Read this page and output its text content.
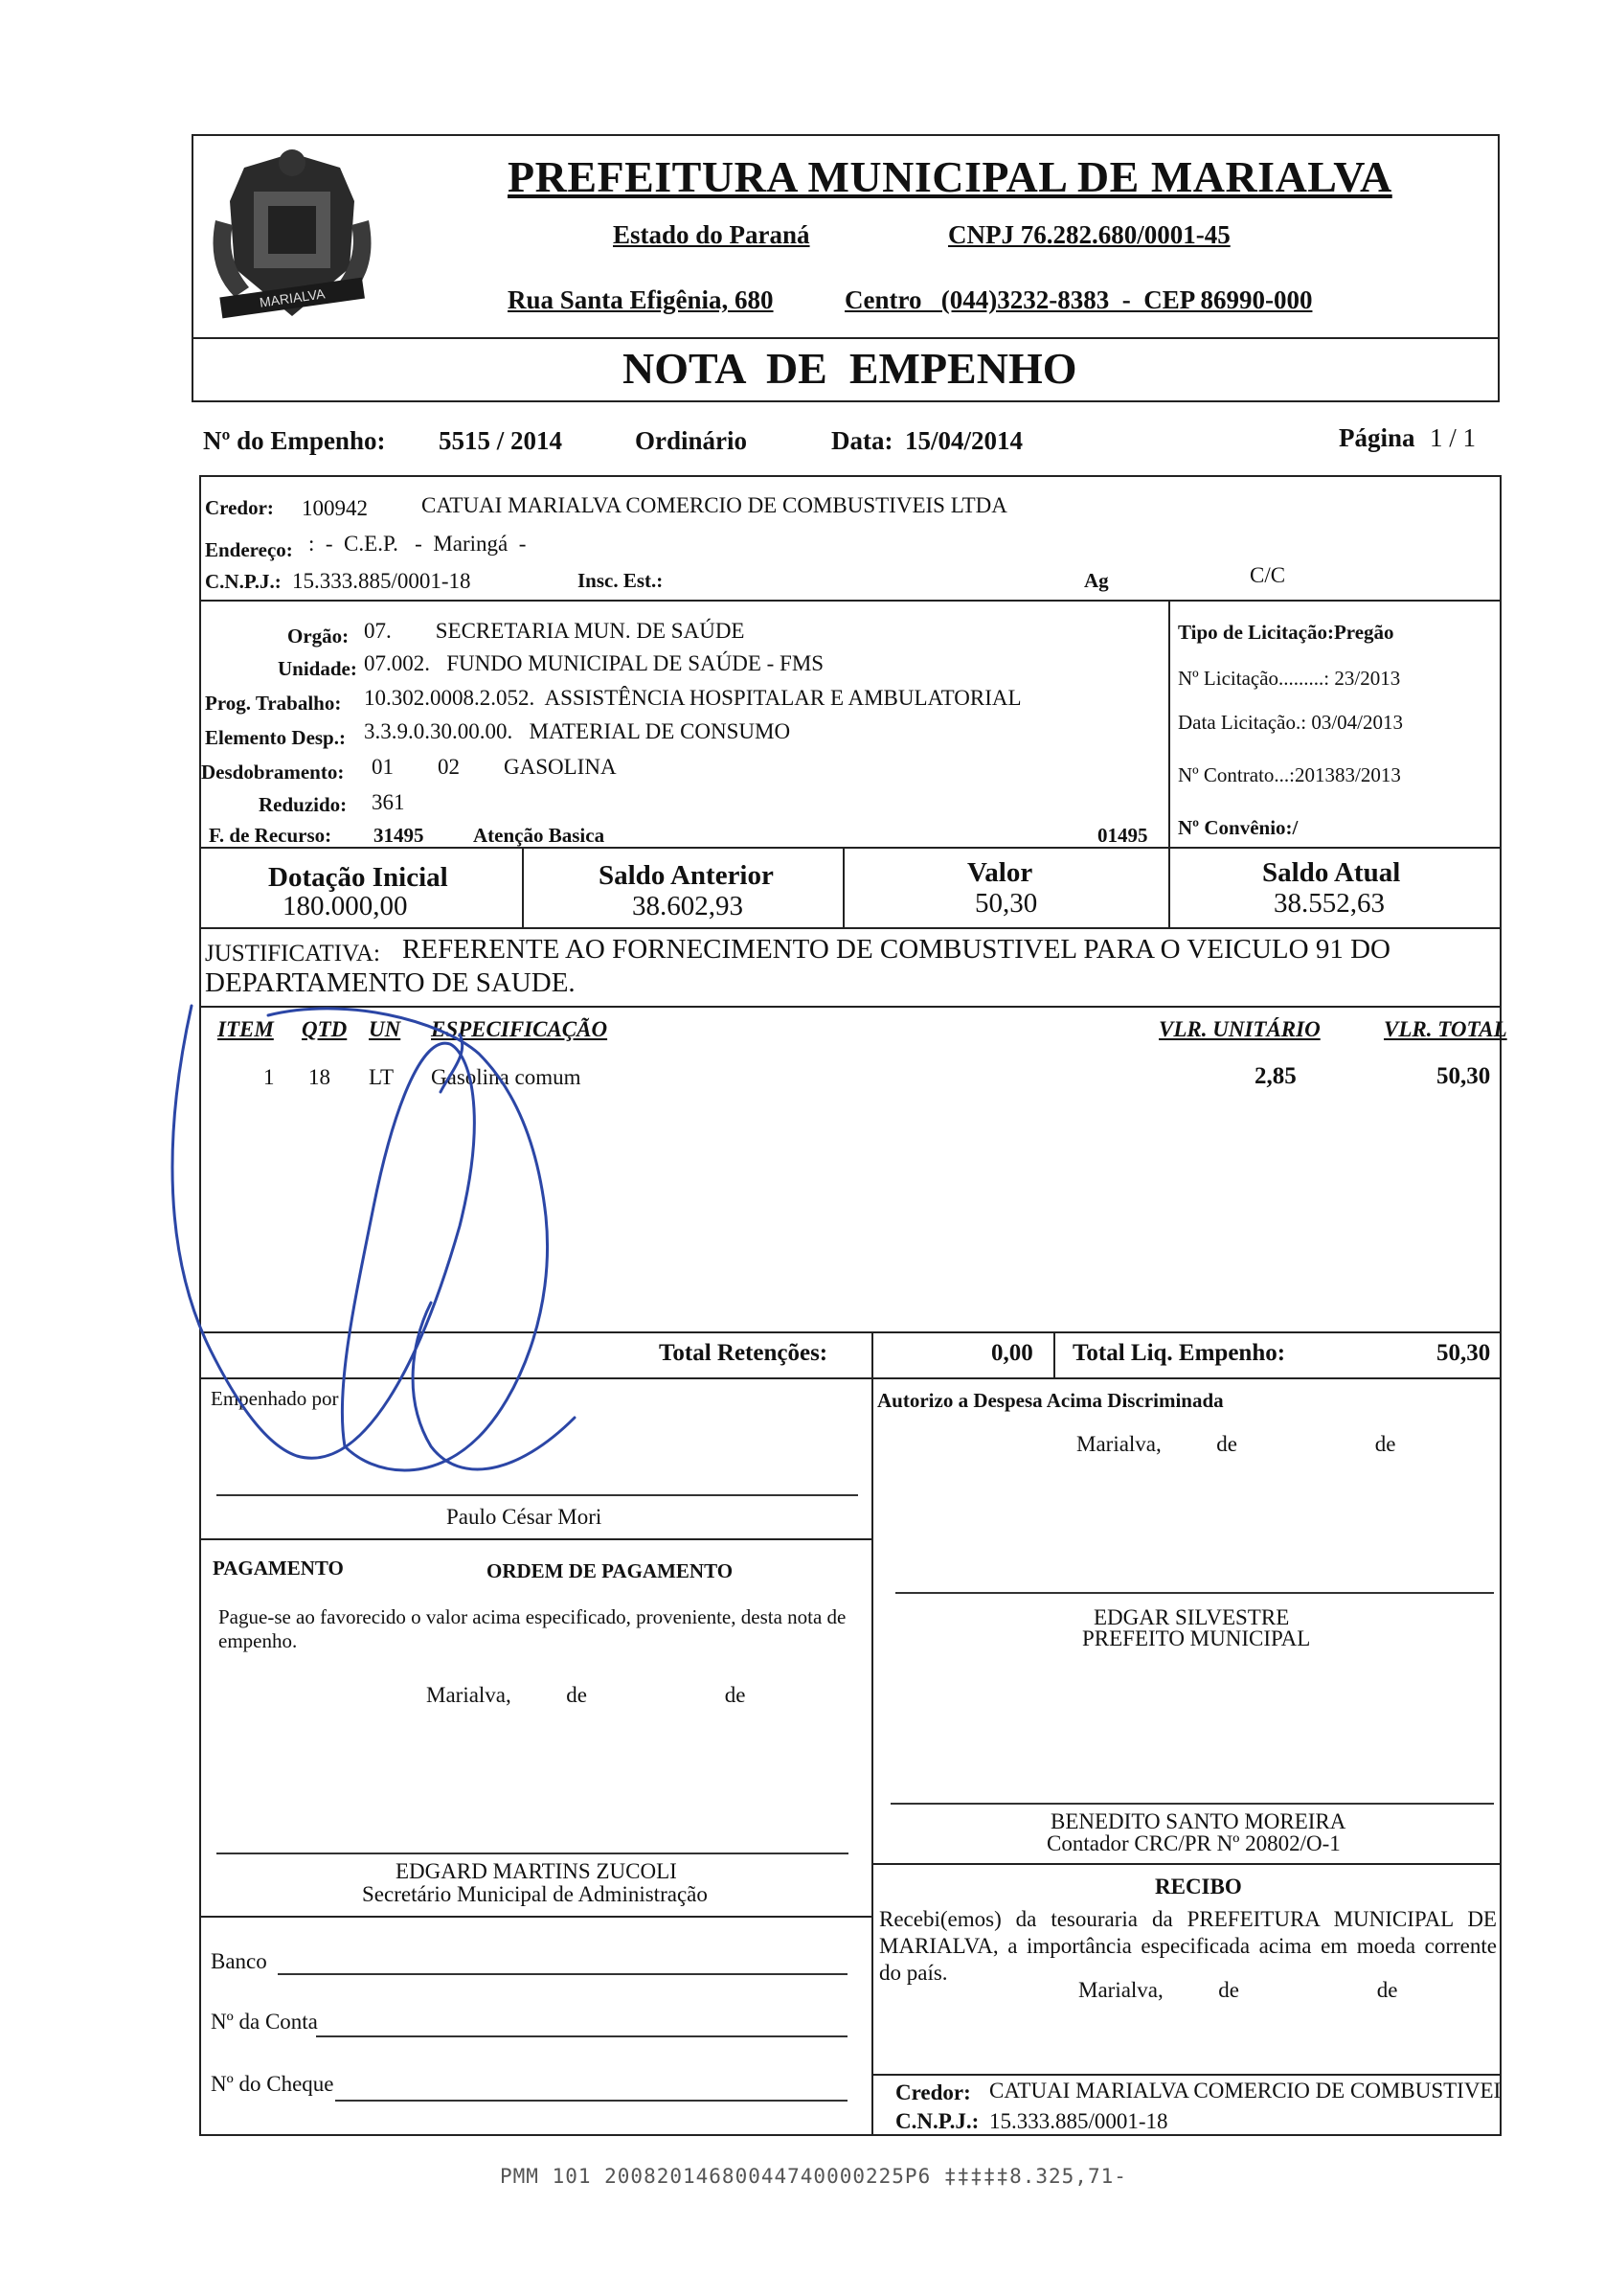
MARIALVA
PREFEITURA MUNICIPAL DE MARIALVA
Estado do Paraná	CNPJ 76.282.680/0001-45
Rua Santa Efigênia, 680	Centro   (044)3232-8383  -  CEP 86990-000
NOTA  DE  EMPENHO
Nº do Empenho: 5515 / 2014	Ordinário	Data: 15/04/2014	Página 1 / 1
Credor: 100942 CATUAI MARIALVA COMERCIO DE COMBUSTIVEIS LTDA
Endereço: :  -  C.E.P.   -  Maringá  -
C.N.P.J.: 15.333.885/0001-18	Insc. Est.:	Ag	C/C
Orgão: 07.        SECRETARIA MUN. DE SAÚDE
Unidade: 07.002.   FUNDO MUNICIPAL DE SAÚDE - FMS
Prog. Trabalho: 10.302.0008.2.052.  ASSISTÊNCIA HOSPITALAR E AMBULATORIAL
Elemento Desp.: 3.3.9.0.30.00.00.   MATERIAL DE CONSUMO
Desdobramento: 01        02        GASOLINA
Reduzido: 361
F. de Recurso: 31495 Atenção Basica	01495
Tipo de Licitação:Pregão
Nº Licitação.........: 23/2013
Data Licitação.: 03/04/2013
Nº Contrato...:201383/2013
Nº Convênio:/
Dotação Inicial
180.000,00
Saldo Anterior
38.602,93
Valor
50,30
Saldo Atual
38.552,63
JUSTIFICATIVA: REFERENTE AO FORNECIMENTO DE COMBUSTIVEL PARA O VEICULO 91 DO
DEPARTAMENTO DE SAUDE.
ITEM QTD UN ESPECIFICAÇÃO	VLR. UNITÁRIO	VLR. TOTAL
1 18 LT Gasolina comum	2,85	50,30
Total Retenções:	0,00 Total Liq. Empenho:	50,30
Empenhado por
Paulo César Mori
PAGAMENTO	ORDEM DE PAGAMENTO
Pague-se ao favorecido o valor acima especificado, proveniente, desta nota de empenho.
Marialva,          de                         de
EDGARD MARTINS ZUCOLI
Secretário Municipal de Administração
Banco
Nº da Conta
Nº do Cheque
Autorizo a Despesa Acima Discriminada
Marialva,          de                         de
EDGAR SILVESTRE
PREFEITO MUNICIPAL
BENEDITO SANTO MOREIRA
Contador CRC/PR Nº 20802/O-1
RECIBO
Recebi(emos) da tesouraria da PREFEITURA MUNICIPAL DE MARIALVA, a importância especificada acima em moeda corrente do país.
Marialva,          de                         de
Credor: CATUAI MARIALVA COMERCIO DE COMBUSTIVEI
C.N.P.J.: 15.333.885/0001-18
PMM 101 20082014680044740000225P6 ‡‡‡‡‡8.325,71-
